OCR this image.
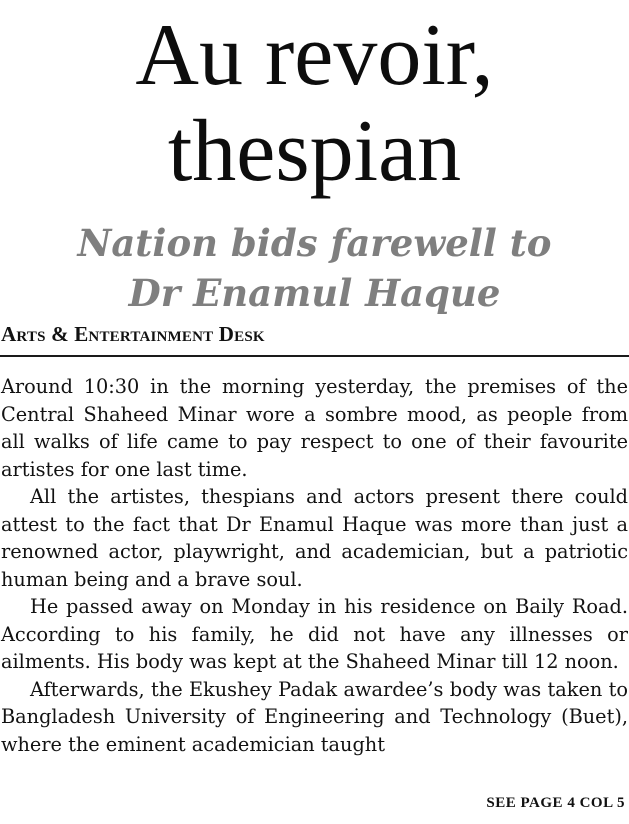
Au revoir,
thespian
Nation bids farewell to
Dr Enamul Haque
Arts & Entertainment Desk

Around 10:30 in the morning yesterday, the premises of the Central Shaheed Minar wore a sombre mood, as people from all walks of life came to pay respect to one of their favourite artistes for one last time.

All the artistes, thespians and actors present there could attest to the fact that Dr Enamul Haque was more than just a renowned actor, playwright, and academician, but a patriotic human being and a brave soul.

He passed away on Monday in his residence on Baily Road. According to his family, he did not have any illnesses or ailments. His body was kept at the Shaheed Minar till 12 noon.

Afterwards, the Ekushey Padak awardee’s body was taken to Bangladesh University of Engineering and Technology (Buet), where the eminent academician taught

SEE PAGE 4 COL 5
